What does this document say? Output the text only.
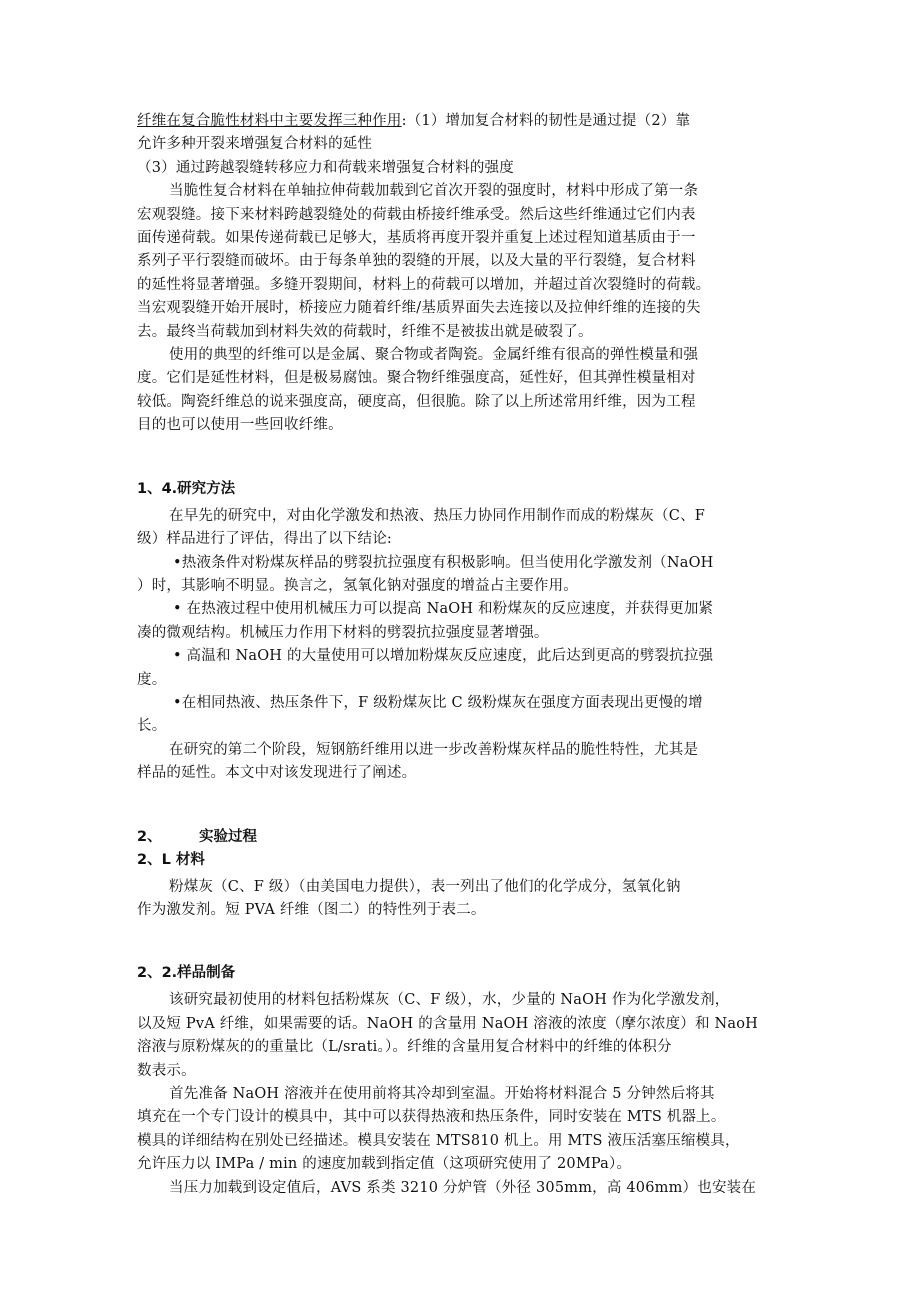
纤维在复合脆性材料中主要发挥三种作用:（1）增加复合材料的韧性是通过提（2）靠
允许多种开裂来增强复合材料的延性
（3）通过跨越裂缝转移应力和荷载来增强复合材料的强度
当脆性复合材料在单轴拉伸荷载加载到它首次开裂的强度时，材料中形成了第一条
宏观裂缝。接下来材料跨越裂缝处的荷载由桥接纤维承受。然后这些纤维通过它们内表
面传递荷载。如果传递荷载已足够大，基质将再度开裂并重复上述过程知道基质由于一
系列子平行裂缝而破坏。由于每条单独的裂缝的开展，以及大量的平行裂缝，复合材料
的延性将显著增强。多缝开裂期间，材料上的荷载可以增加，并超过首次裂缝时的荷载。
当宏观裂缝开始开展时，桥接应力随着纤维/基质界面失去连接以及拉伸纤维的连接的失
去。最终当荷载加到材料失效的荷载时，纤维不是被拔出就是破裂了。
使用的典型的纤维可以是金属、聚合物或者陶瓷。金属纤维有很高的弹性模量和强
度。它们是延性材料，但是极易腐蚀。聚合物纤维强度高，延性好，但其弹性模量相对
较低。陶瓷纤维总的说来强度高，硬度高，但很脆。除了以上所述常用纤维，因为工程
目的也可以使用一些回收纤维。
1、4.研究方法
在早先的研究中，对由化学激发和热液、热压力协同作用制作而成的粉煤灰（C、F
级）样品进行了评估，得出了以下结论:
•热液条件对粉煤灰样品的劈裂抗拉强度有积极影响。但当使用化学激发剂（NaOH
）时，其影响不明显。换言之，氢氧化钠对强度的增益占主要作用。
• 在热液过程中使用机械压力可以提高 NaOH 和粉煤灰的反应速度，并获得更加紧
凑的微观结构。机械压力作用下材料的劈裂抗拉强度显著增强。
• 高温和 NaOH 的大量使用可以增加粉煤灰反应速度，此后达到更高的劈裂抗拉强
度。
•在相同热液、热压条件下，F 级粉煤灰比 C 级粉煤灰在强度方面表现出更慢的增
长。
在研究的第二个阶段，短钢筋纤维用以进一步改善粉煤灰样品的脆性特性，尤其是
样品的延性。本文中对该发现进行了阐述。
2、	实验过程
2、L 材料
粉煤灰（C、F 级）（由美国电力提供），表一列出了他们的化学成分，氢氧化钠
作为激发剂。短 PVA 纤维（图二）的特性列于表二。
2、2.样品制备
该研究最初使用的材料包括粉煤灰（C、F 级），水，少量的 NaOH 作为化学激发剂，
以及短 PvA 纤维，如果需要的话。NaOH 的含量用 NaOH 溶液的浓度（摩尔浓度）和 NaoH
溶液与原粉煤灰的的重量比（L/srati。）。纤维的含量用复合材料中的纤维的体积分
数表示。
首先准备 NaOH 溶液并在使用前将其冷却到室温。开始将材料混合 5 分钟然后将其
填充在一个专门设计的模具中，其中可以获得热液和热压条件，同时安装在 MTS 机器上。
模具的详细结构在别处已经描述。模具安装在 MTS810 机上。用 MTS 液压活塞压缩模具，
允许压力以 IMPa / min 的速度加载到指定值（这项研究使用了 20MPa）。
当压力加载到设定值后，AVS 系类 3210 分炉管（外径 305mm，高 406mm）也安装在
